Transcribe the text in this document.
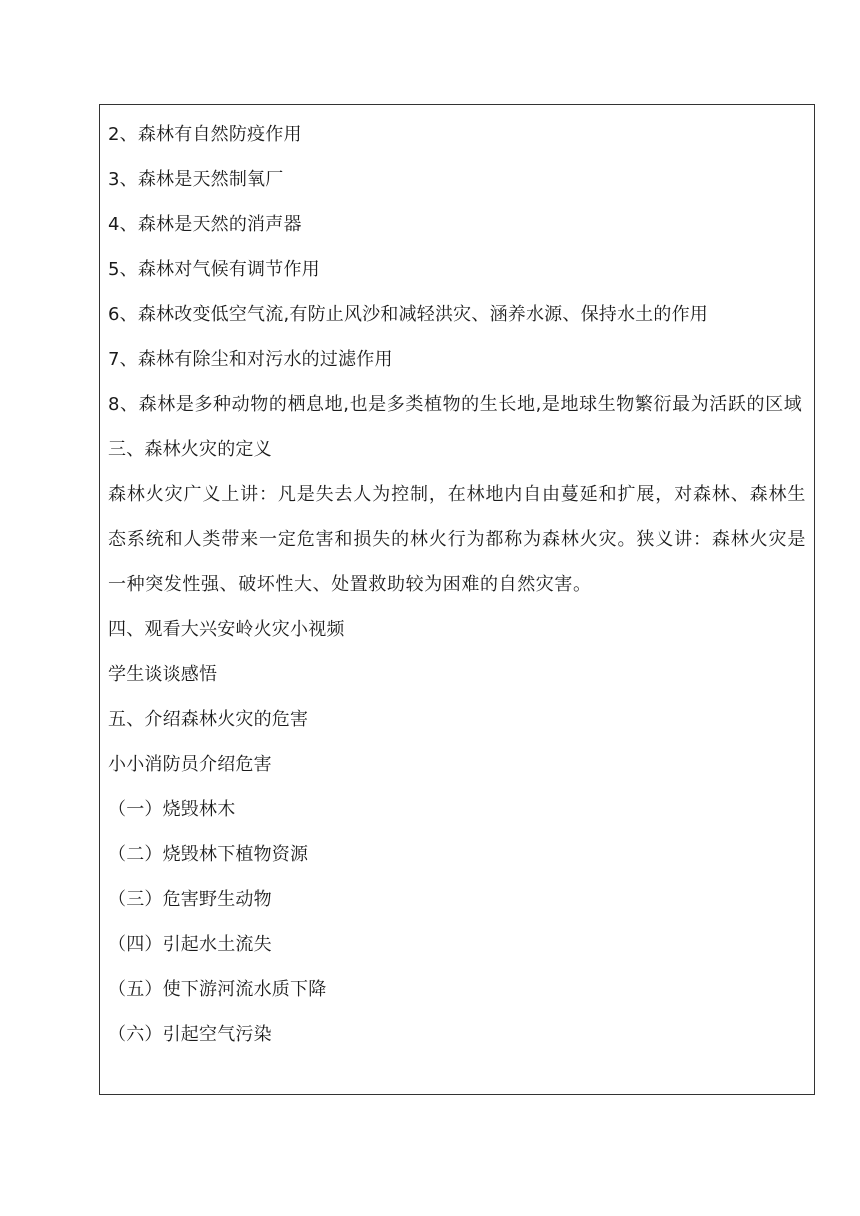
2、森林有自然防疫作用
3、森林是天然制氧厂
4、森林是天然的消声器
5、森林对气候有调节作用
6、森林改变低空气流,有防止风沙和减轻洪灾、涵养水源、保持水土的作用
7、森林有除尘和对污水的过滤作用

8、森林是多种动物的栖息地,也是多类植物的生长地,是地球生物繁衍最为活跃的区域

三、森林火灾的定义

森林火灾广义上讲：凡是失去人为控制，在林地内自由蔓延和扩展，对森林、森林生态系统和人类带来一定危害和损失的林火行为都称为森林火灾。狭义讲：森林火灾是一种突发性强、破坏性大、处置救助较为困难的自然灾害。

四、观看大兴安岭火灾小视频
学生谈谈感悟
五、介绍森林火灾的危害
小小消防员介绍危害
（一）烧毁林木
（二）烧毁林下植物资源
（三）危害野生动物
（四）引起水土流失
（五）使下游河流水质下降
（六）引起空气污染
